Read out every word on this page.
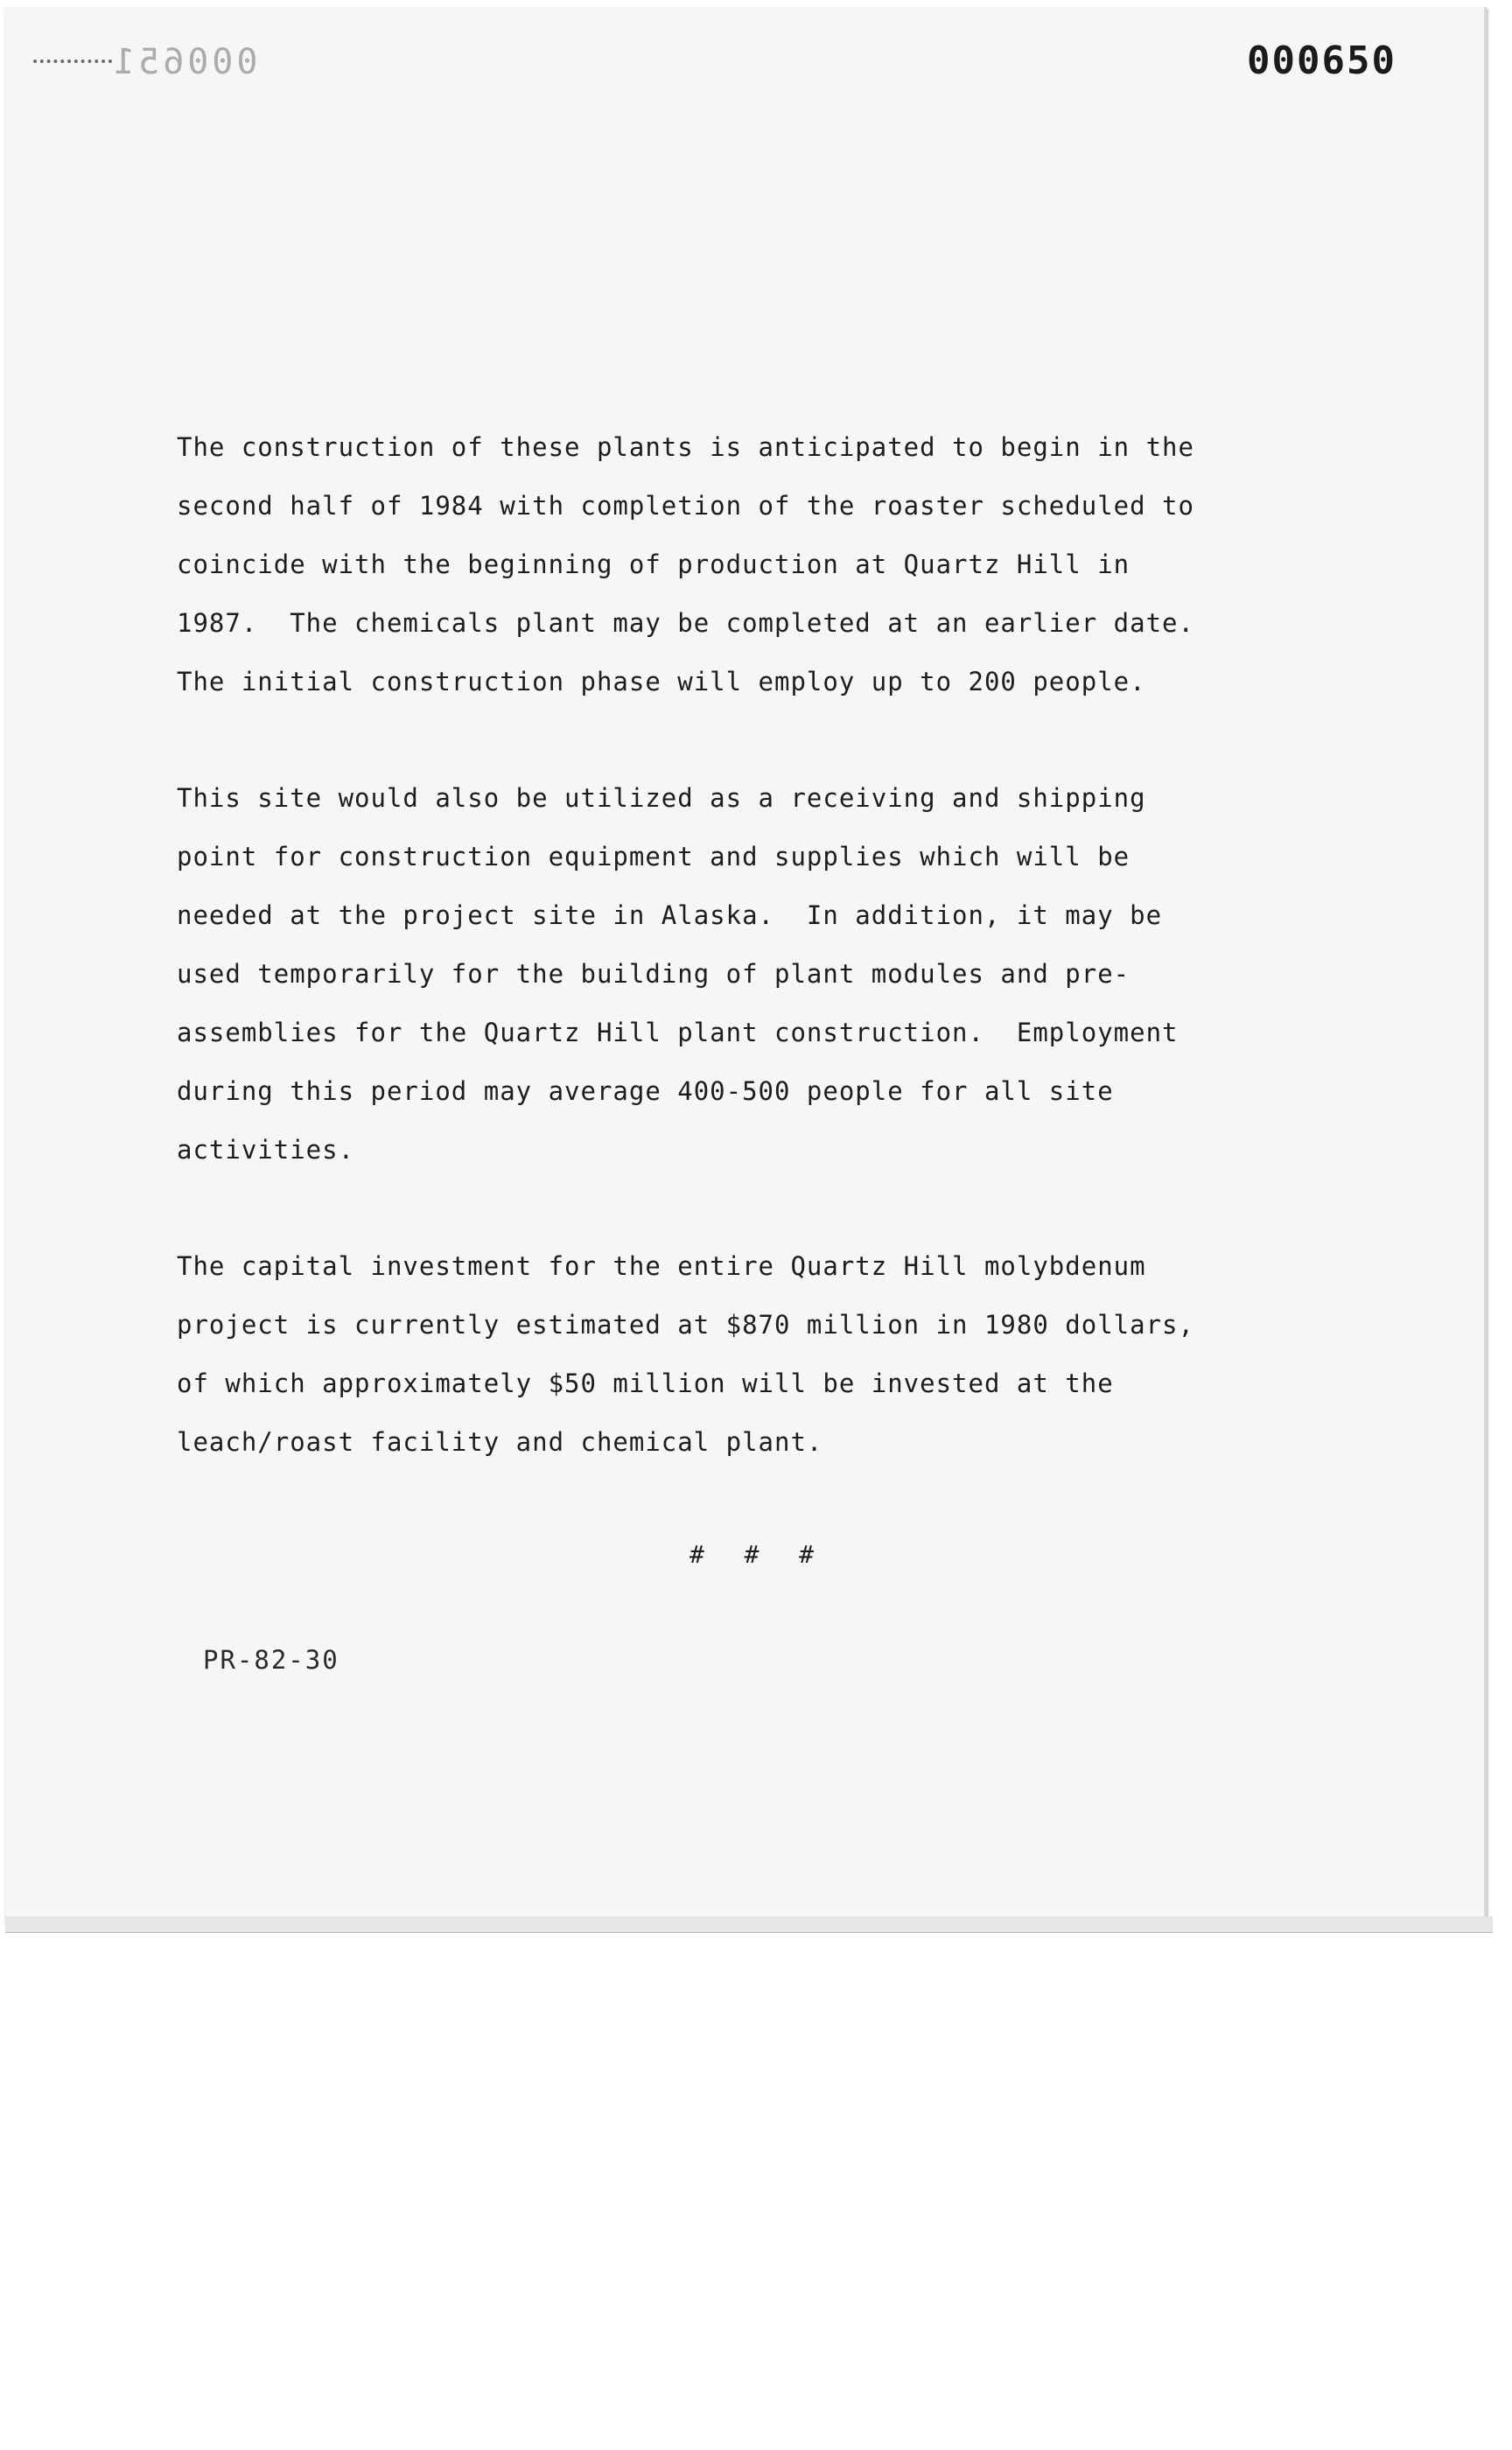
000651	000650
The construction of these plants is anticipated to begin in the
second half of 1984 with completion of the roaster scheduled to
coincide with the beginning of production at Quartz Hill in
1987.  The chemicals plant may be completed at an earlier date.
The initial construction phase will employ up to 200 people.
This site would also be utilized as a receiving and shipping
point for construction equipment and supplies which will be
needed at the project site in Alaska.  In addition, it may be
used temporarily for the building of plant modules and pre-
assemblies for the Quartz Hill plant construction.  Employment
during this period may average 400-500 people for all site
activities.
The capital investment for the entire Quartz Hill molybdenum
project is currently estimated at $870 million in 1980 dollars,
of which approximately $50 million will be invested at the
leach/roast facility and chemical plant.
#  #  #
PR-82-30
